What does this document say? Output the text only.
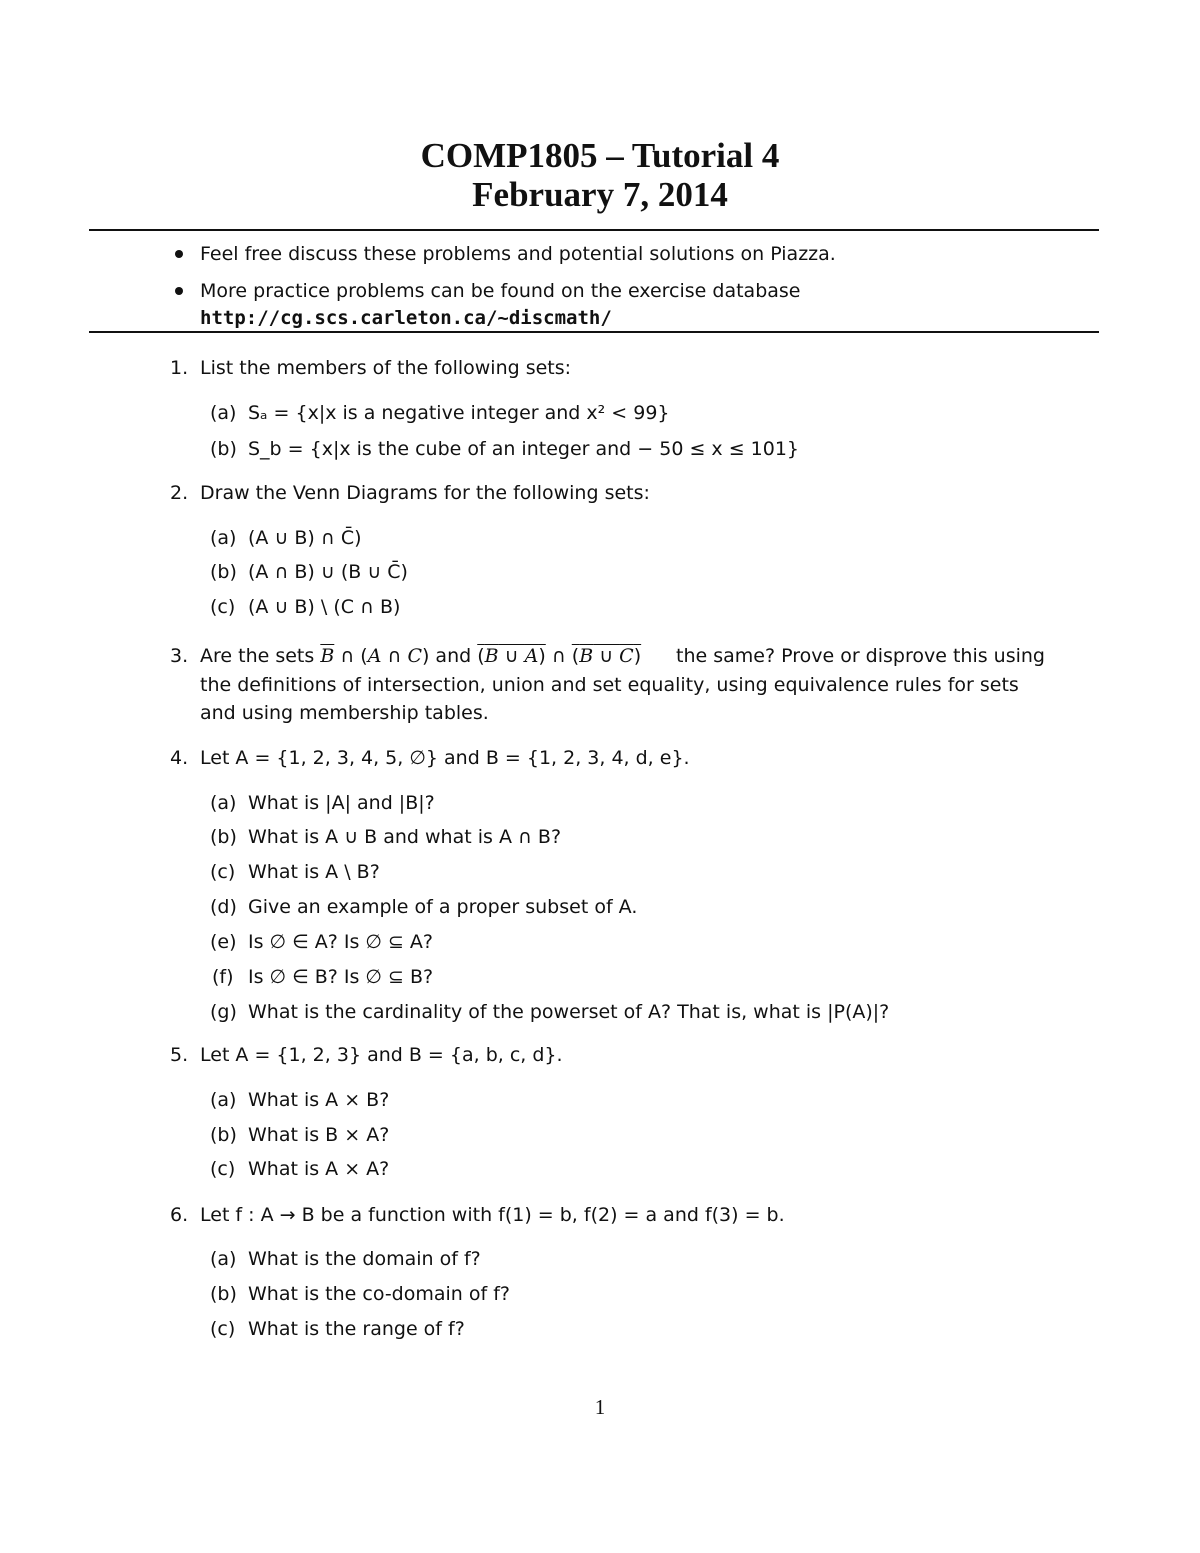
COMP1805 – Tutorial 4
February 7, 2014
Feel free discuss these problems and potential solutions on Piazza.
More practice problems can be found on the exercise database
http://cg.scs.carleton.ca/~discmath/
1. List the members of the following sets:
(a) Sₐ = {x|x is a negative integer and x² < 99}
(b) S_b = {x|x is the cube of an integer and − 50 ≤ x ≤ 101}
2. Draw the Venn Diagrams for the following sets:
(a) (A ∪ B) ∩ C̄)
(b) (A ∩ B) ∪ (B ∪ C̄)
(c) (A ∪ B) \ (C ∩ B)
3. Are the sets $\overline{B}$ ∩ (A ∩ C) and (B ∪ A) ∩ (B ∪ C) the same? Prove or disprove this using
the definitions of intersection, union and set equality, using equivalence rules for sets
and using membership tables.
4. Let A = {1, 2, 3, 4, 5, ∅} and B = {1, 2, 3, 4, d, e}.
(a) What is |A| and |B|?
(b) What is A ∪ B and what is A ∩ B?
(c) What is A \ B?
(d) Give an example of a proper subset of A.
(e) Is ∅ ∈ A? Is ∅ ⊆ A?
(f) Is ∅ ∈ B? Is ∅ ⊆ B?
(g) What is the cardinality of the powerset of A? That is, what is |P(A)|?
5. Let A = {1, 2, 3} and B = {a, b, c, d}.
(a) What is A × B?
(b) What is B × A?
(c) What is A × A?
6. Let f : A → B be a function with f(1) = b, f(2) = a and f(3) = b.
(a) What is the domain of f?
(b) What is the co-domain of f?
(c) What is the range of f?
1
